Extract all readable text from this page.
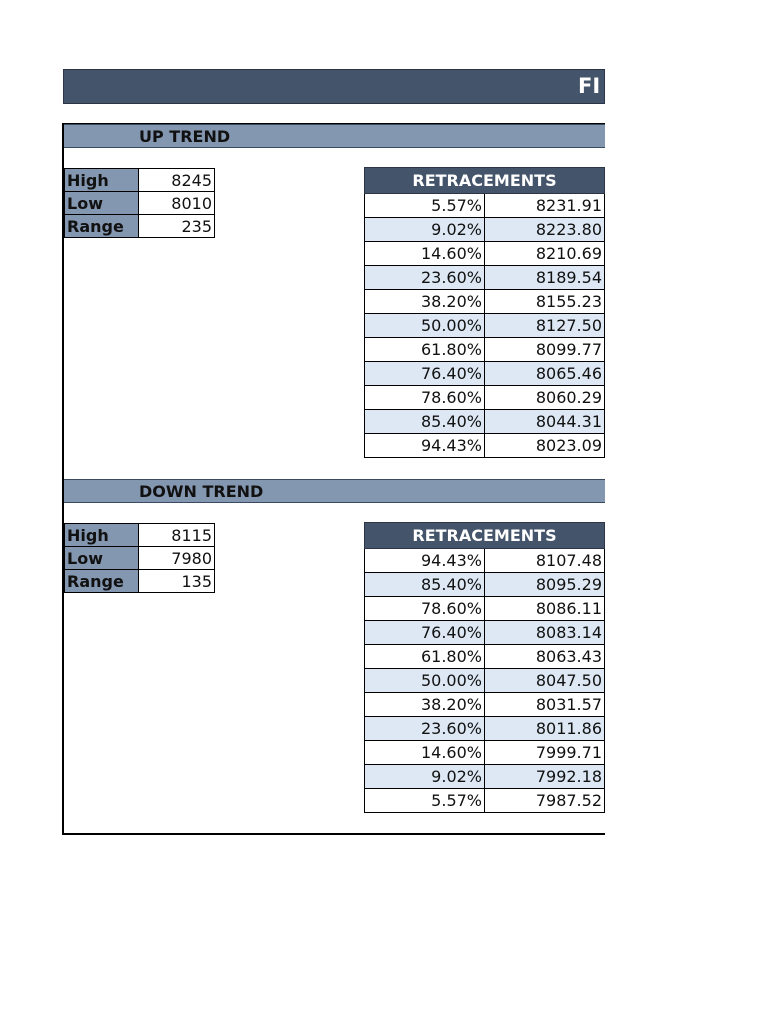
FI
UP TREND
High	8245
Low	8010
Range	235
RETRACEMENTS	
5.57%	8231.91
9.02%	8223.80
14.60%	8210.69
23.60%	8189.54
38.20%	8155.23
50.00%	8127.50
61.80%	8099.77
76.40%	8065.46
78.60%	8060.29
85.40%	8044.31
94.43%	8023.09
DOWN TREND
High	8115
Low	7980
Range	135
RETRACEMENTS	
94.43%	8107.48
85.40%	8095.29
78.60%	8086.11
76.40%	8083.14
61.80%	8063.43
50.00%	8047.50
38.20%	8031.57
23.60%	8011.86
14.60%	7999.71
9.02%	7992.18
5.57%	7987.52
